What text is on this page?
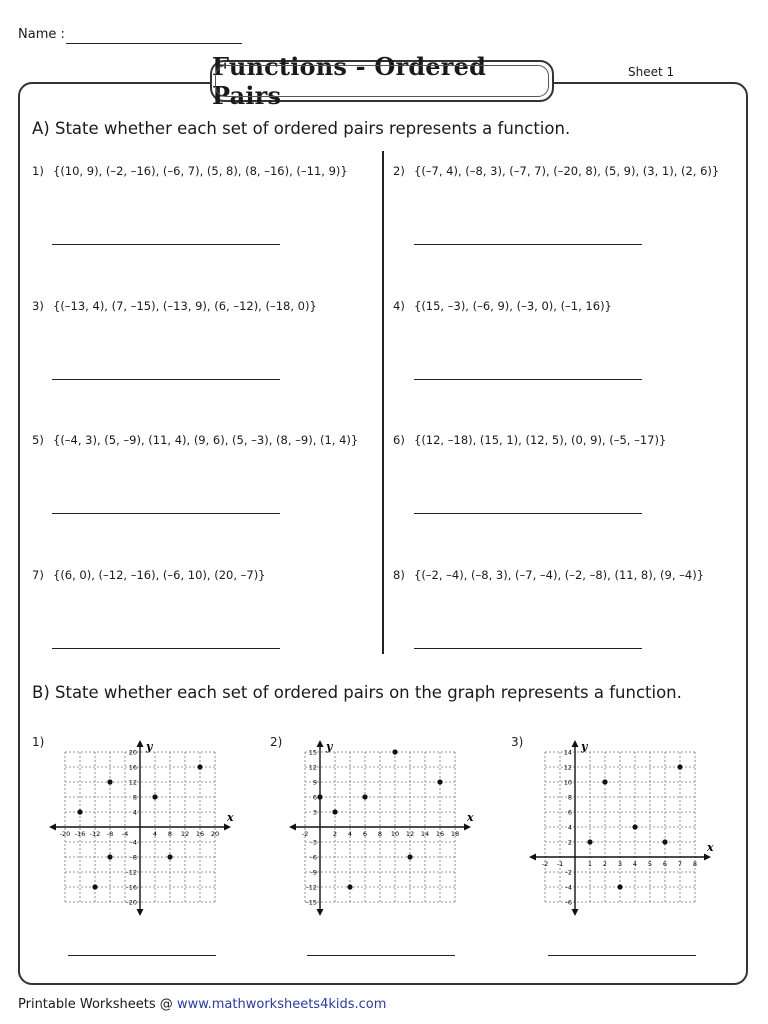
Name :
Sheet 1
Functions - Ordered Pairs
A) State whether each set of ordered pairs represents a function.
1) {(10, 9), (–2, –16), (–6, 7), (5, 8), (8, –16), (–11, 9)}	2) {(–7, 4), (–8, 3), (–7, 7), (–20, 8), (5, 9), (3, 1), (2, 6)}
3) {(–13, 4), (7, –15), (–13, 9), (6, –12), (–18, 0)}	4) {(15, –3), (–6, 9), (–3, 0), (–1, 16)}
5) {(–4, 3), (5, –9), (11, 4), (9, 6), (5, –3), (8, –9), (1, 4)}	6) {(12, –18), (15, 1), (12, 5), (0, 9), (–5, –17)}
7) {(6, 0), (–12, –16), (–6, 10), (20, –7)}	8) {(–2, –4), (–8, 3), (–7, –4), (–2, –8), (11, 8), (9, –4)}
B) State whether each set of ordered pairs on the graph represents a function.
1)
x
y
-20 -16 -12 -8 -4	4 8 12 16 20
20
16
12
8
4
-4
-8
-12
-16
-20
2)
x
y
-2	2 4 6 8 10 12 14 16 18
15
12
9
6
3
-3
-6
-9
-12
-15
3)
x
y
-2 -1	1 2 3 4 5 6 7 8
14
12
10
8
6
4
2
-2
-4
-6
Printable Worksheets @ www.mathworksheets4kids.com
